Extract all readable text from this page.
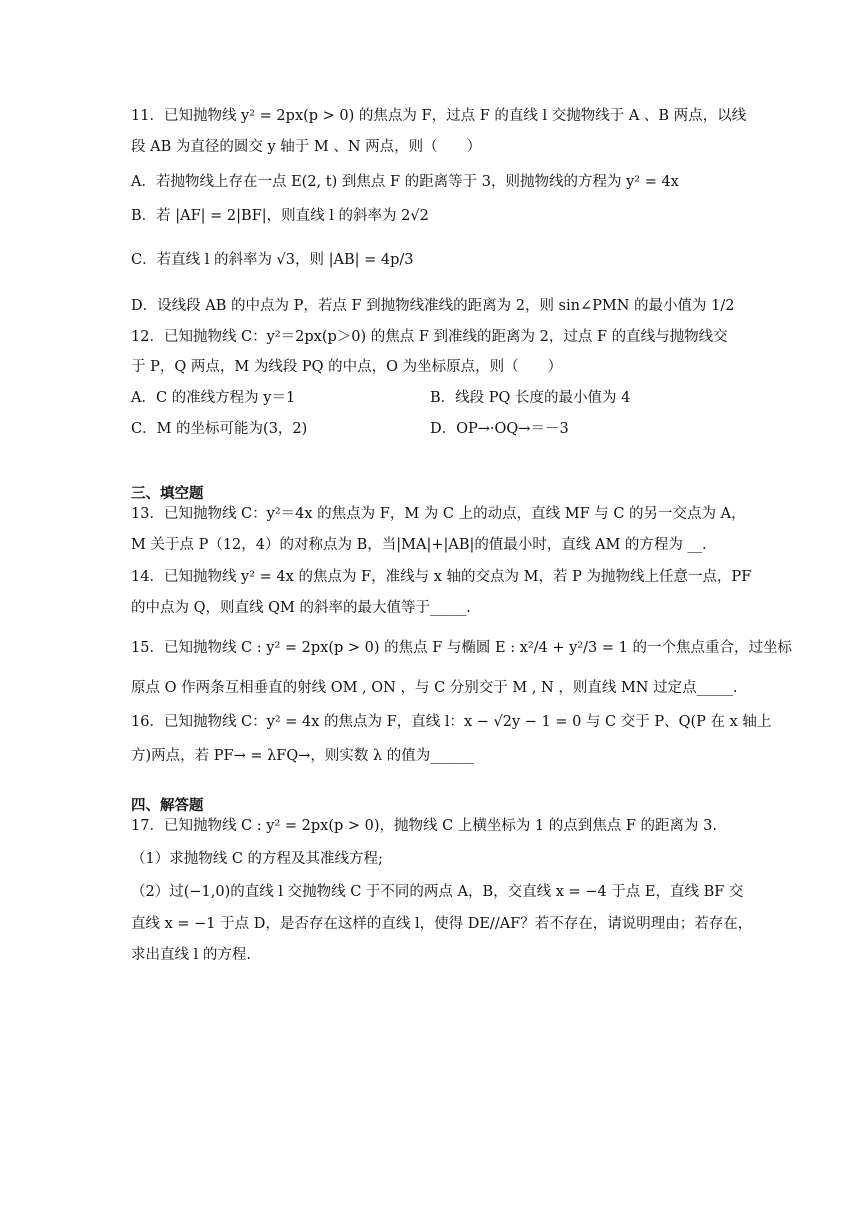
11．已知抛物线 y² = 2px(p > 0) 的焦点为 F，过点 F 的直线 l 交抛物线于 A 、B 两点，以线
段 AB 为直径的圆交 y 轴于 M 、N 两点，则（　　）
A．若抛物线上存在一点 E(2, t) 到焦点 F 的距离等于 3，则抛物线的方程为 y² = 4x
B．若 |AF| = 2|BF|，则直线 l 的斜率为 2√2
C．若直线 l 的斜率为 √3，则 |AB| = 4p/3
D．设线段 AB 的中点为 P，若点 F 到抛物线准线的距离为 2，则 sin∠PMN 的最小值为 1/2
12．已知抛物线 C：y²＝2px(p＞0) 的焦点 F 到准线的距离为 2，过点 F 的直线与抛物线交
于 P，Q 两点，M 为线段 PQ 的中点，O 为坐标原点，则（　　）
A．C 的准线方程为 y＝1	B．线段 PQ 长度的最小值为 4
C．M 的坐标可能为(3，2)	D．OP→·OQ→＝－3
三、填空题
13．已知抛物线 C：y²＝4x 的焦点为 F，M 为 C 上的动点，直线 MF 与 C 的另一交点为 A，
M 关于点 P（12，4）的对称点为 B，当|MA|+|AB|的值最小时，直线 AM 的方程为 __.
14．已知抛物线 y² = 4x 的焦点为 F，准线与 x 轴的交点为 M，若 P 为抛物线上任意一点，PF
的中点为 Q，则直线 QM 的斜率的最大值等于_____.
15．已知抛物线 C : y² = 2px(p > 0) 的焦点 F 与椭圆 E : x²/4 + y²/3 = 1 的一个焦点重合，过坐标
原点 O 作两条互相垂直的射线 OM , ON ，与 C 分别交于 M , N ，则直线 MN 过定点_____.
16．已知抛物线 C：y² = 4x 的焦点为 F，直线 l：x − √2y − 1 = 0 与 C 交于 P、Q(P 在 x 轴上
方)两点，若 PF→ = λFQ→，则实数 λ 的值为______
四、解答题
17．已知抛物线 C : y² = 2px(p > 0)，抛物线 C 上横坐标为 1 的点到焦点 F 的距离为 3.
（1）求抛物线 C 的方程及其准线方程;
（2）过(−1,0)的直线 l 交抛物线 C 于不同的两点 A，B，交直线 x = −4 于点 E，直线 BF 交
直线 x = −1 于点 D，是否存在这样的直线 l，使得 DE//AF？若不存在，请说明理由；若存在，
求出直线 l 的方程.
